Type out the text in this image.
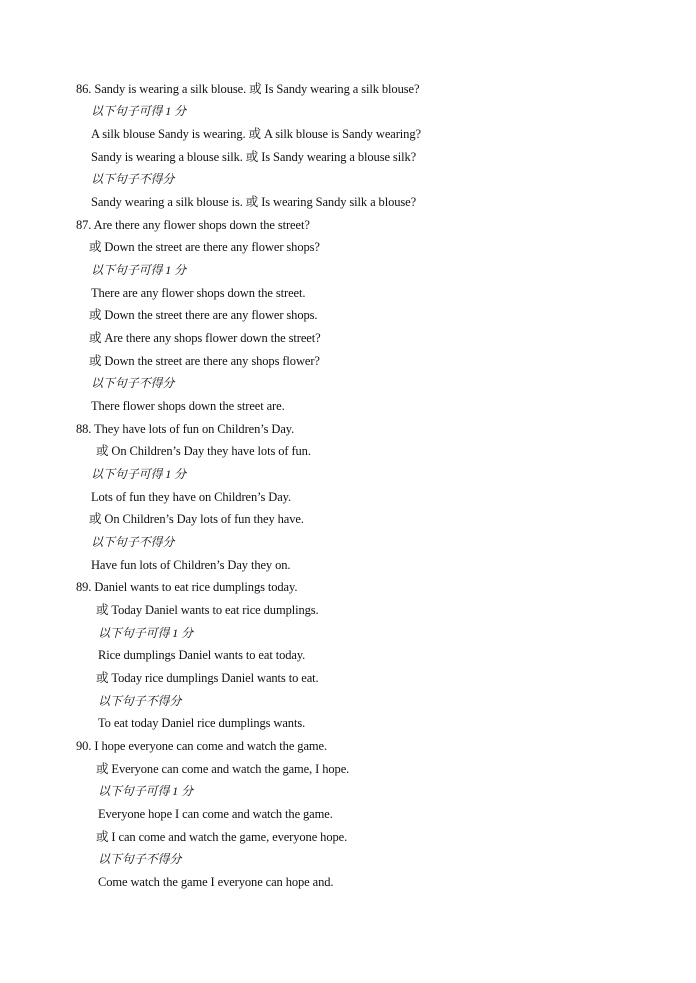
86. Sandy is wearing a silk blouse. 或 Is Sandy wearing a silk blouse?
以下句子可得 1 分
A silk blouse Sandy is wearing. 或 A silk blouse is Sandy wearing?
Sandy is wearing a blouse silk. 或 Is Sandy wearing a blouse silk?
以下句子不得分
Sandy wearing a silk blouse is. 或 Is wearing Sandy silk a blouse?
87. Are there any flower shops down the street?
或 Down the street are there any flower shops?
以下句子可得 1 分
There are any flower shops down the street.
或 Down the street there are any flower shops.
或 Are there any shops flower down the street?
或 Down the street are there any shops flower?
以下句子不得分
There flower shops down the street are.
88. They have lots of fun on Children’s Day.
或 On Children’s Day they have lots of fun.
以下句子可得 1 分
Lots of fun they have on Children’s Day.
或 On Children’s Day lots of fun they have.
以下句子不得分
Have fun lots of Children’s Day they on.
89. Daniel wants to eat rice dumplings today.
或 Today Daniel wants to eat rice dumplings.
以下句子可得 1 分
Rice dumplings Daniel wants to eat today.
或 Today rice dumplings Daniel wants to eat.
以下句子不得分
To eat today Daniel rice dumplings wants.
90. I hope everyone can come and watch the game.
或 Everyone can come and watch the game, I hope.
以下句子可得 1 分
Everyone hope I can come and watch the game.
或 I can come and watch the game, everyone hope.
以下句子不得分
Come watch the game I everyone can hope and.
